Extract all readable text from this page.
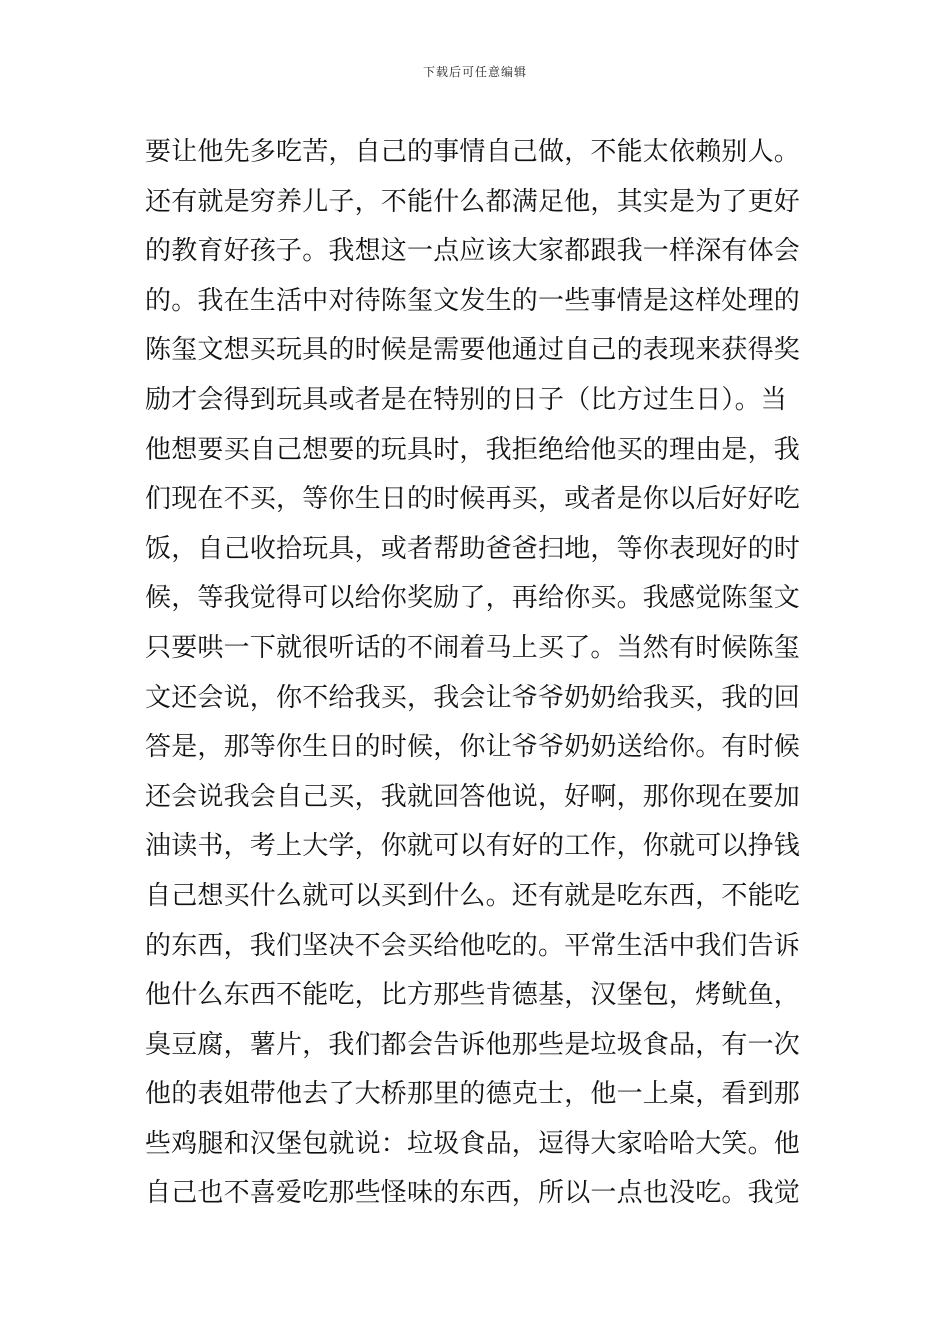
下载后可任意编辑
要让他先多吃苦，自己的事情自己做，不能太依赖别人。
还有就是穷养儿子，不能什么都满足他，其实是为了更好
的教育好孩子。我想这一点应该大家都跟我一样深有体会
的。我在生活中对待陈玺文发生的一些事情是这样处理的
陈玺文想买玩具的时候是需要他通过自己的表现来获得奖
励才会得到玩具或者是在特别的日子（比方过生日）。当
他想要买自己想要的玩具时，我拒绝给他买的理由是，我
们现在不买，等你生日的时候再买，或者是你以后好好吃
饭，自己收拾玩具，或者帮助爸爸扫地，等你表现好的时
候，等我觉得可以给你奖励了，再给你买。我感觉陈玺文
只要哄一下就很听话的不闹着马上买了。当然有时候陈玺
文还会说，你不给我买，我会让爷爷奶奶给我买，我的回
答是，那等你生日的时候，你让爷爷奶奶送给你。有时候
还会说我会自己买，我就回答他说，好啊，那你现在要加
油读书，考上大学，你就可以有好的工作，你就可以挣钱
自己想买什么就可以买到什么。还有就是吃东西，不能吃
的东西，我们坚决不会买给他吃的。平常生活中我们告诉
他什么东西不能吃，比方那些肯德基，汉堡包，烤鱿鱼，
臭豆腐，薯片，我们都会告诉他那些是垃圾食品，有一次
他的表姐带他去了大桥那里的德克士，他一上桌，看到那
些鸡腿和汉堡包就说：垃圾食品，逗得大家哈哈大笑。他
自己也不喜爱吃那些怪味的东西，所以一点也没吃。我觉
